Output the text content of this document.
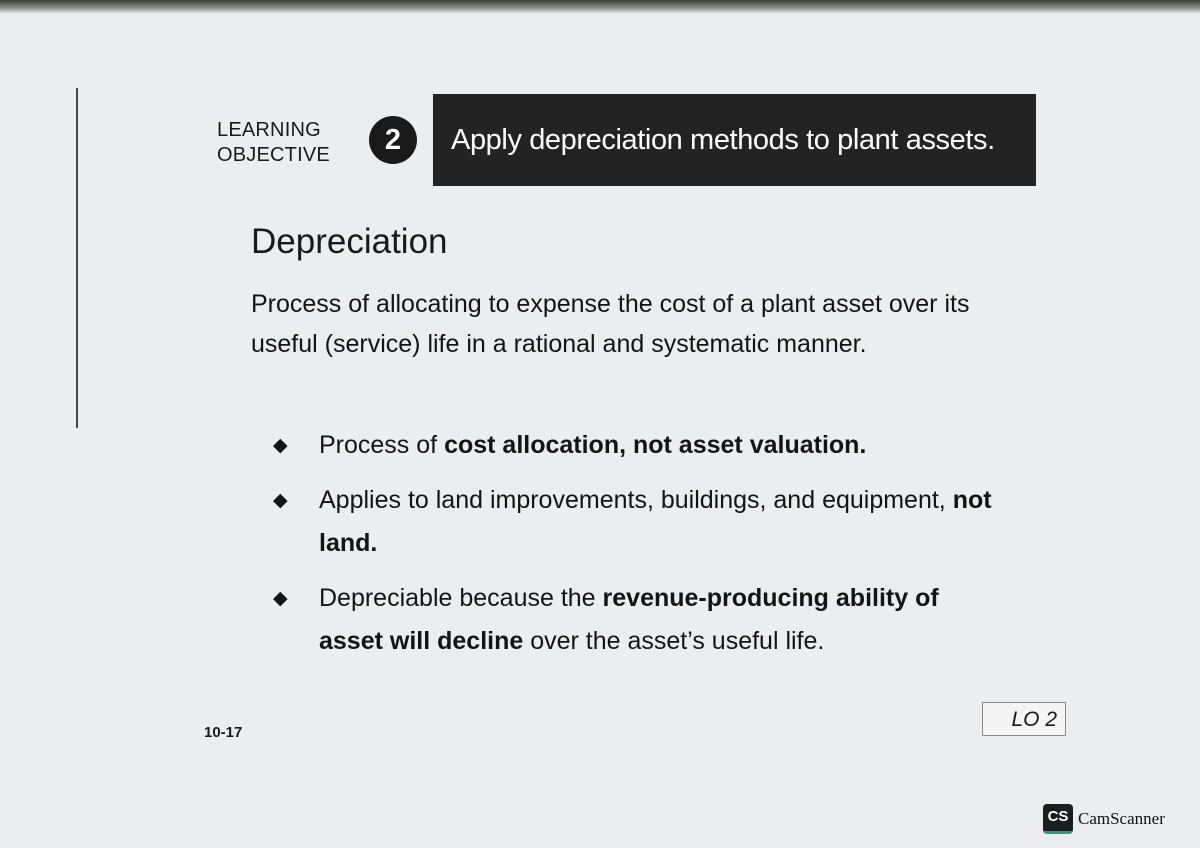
LEARNING
OBJECTIVE	2	Apply depreciation methods to plant assets.
Depreciation

Process of allocating to expense the cost of a plant asset over its useful (service) life in a rational and systematic manner.

◆ Process of cost allocation, not asset valuation.
◆ Applies to land improvements, buildings, and equipment, not land.
◆ Depreciable because the revenue-producing ability of asset will decline over the asset’s useful life.
10-17
LO 2
CS CamScanner
